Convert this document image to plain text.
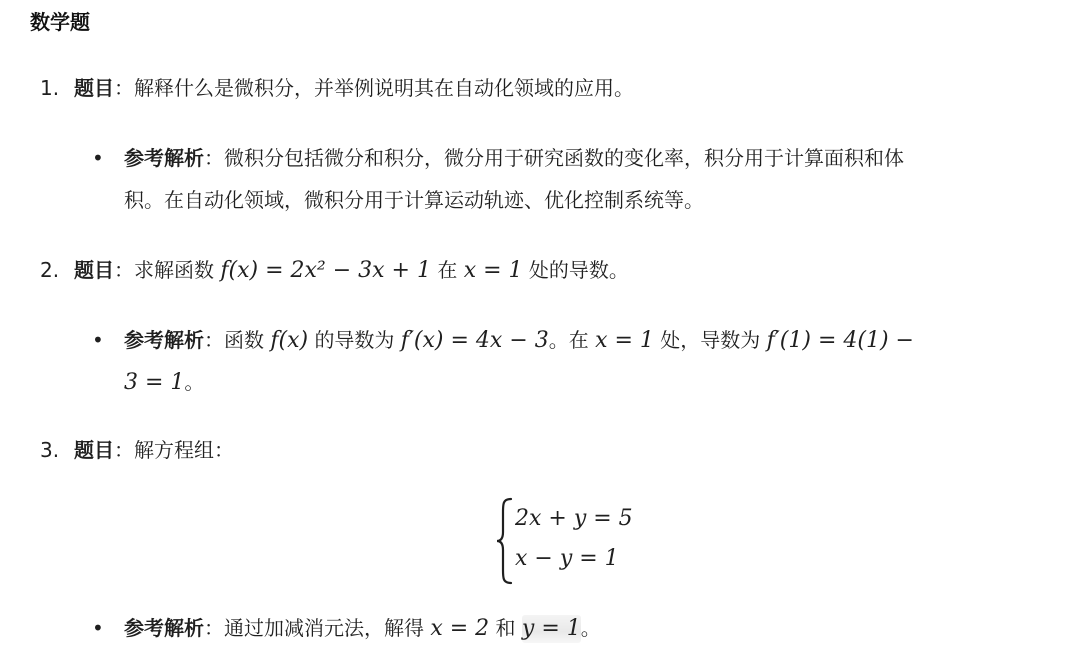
数学题
1. 题目：解释什么是微积分，并举例说明其在自动化领域的应用。
• 参考解析：微积分包括微分和积分，微分用于研究函数的变化率，积分用于计算面积和体
积。在自动化领域，微积分用于计算运动轨迹、优化控制系统等。
2. 题目：求解函数 f(x) = 2x² − 3x + 1 在 x = 1 处的导数。
• 参考解析：函数 f(x) 的导数为 f′(x) = 4x − 3。在 x = 1 处，导数为 f′(1) = 4(1) −
3 = 1。
3. 题目：解方程组：
2x + y = 5
x − y = 1
• 参考解析：通过加减消元法，解得 x = 2 和 y = 1。
